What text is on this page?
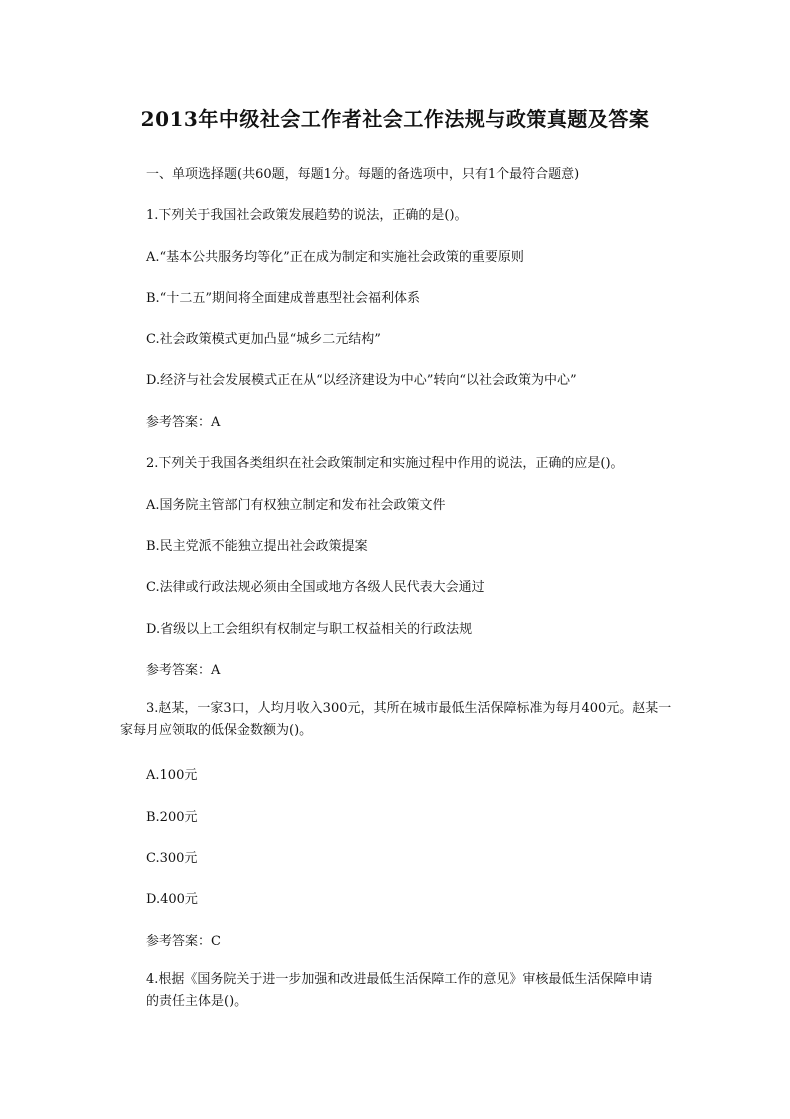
2013年中级社会工作者社会工作法规与政策真题及答案
一、单项选择题(共60题，每题1分。每题的备选项中，只有1个最符合题意)
1.下列关于我国社会政策发展趋势的说法，正确的是()。
A.“基本公共服务均等化”正在成为制定和实施社会政策的重要原则
B.“十二五”期间将全面建成普惠型社会福利体系
C.社会政策模式更加凸显“城乡二元结构”
D.经济与社会发展模式正在从“以经济建设为中心”转向“以社会政策为中心”
参考答案：A
2.下列关于我国各类组织在社会政策制定和实施过程中作用的说法，正确的应是()。
A.国务院主管部门有权独立制定和发布社会政策文件
B.民主党派不能独立提出社会政策提案
C.法律或行政法规必须由全国或地方各级人民代表大会通过
D.省级以上工会组织有权制定与职工权益相关的行政法规
参考答案：A
3.赵某，一家3口，人均月收入300元，其所在城市最低生活保障标准为每月400元。赵某一家每月应领取的低保金数额为()。
A.100元
B.200元
C.300元
D.400元
参考答案：C
4.根据《国务院关于进一步加强和改进最低生活保障工作的意见》审核最低生活保障申请的责任主体是()。
